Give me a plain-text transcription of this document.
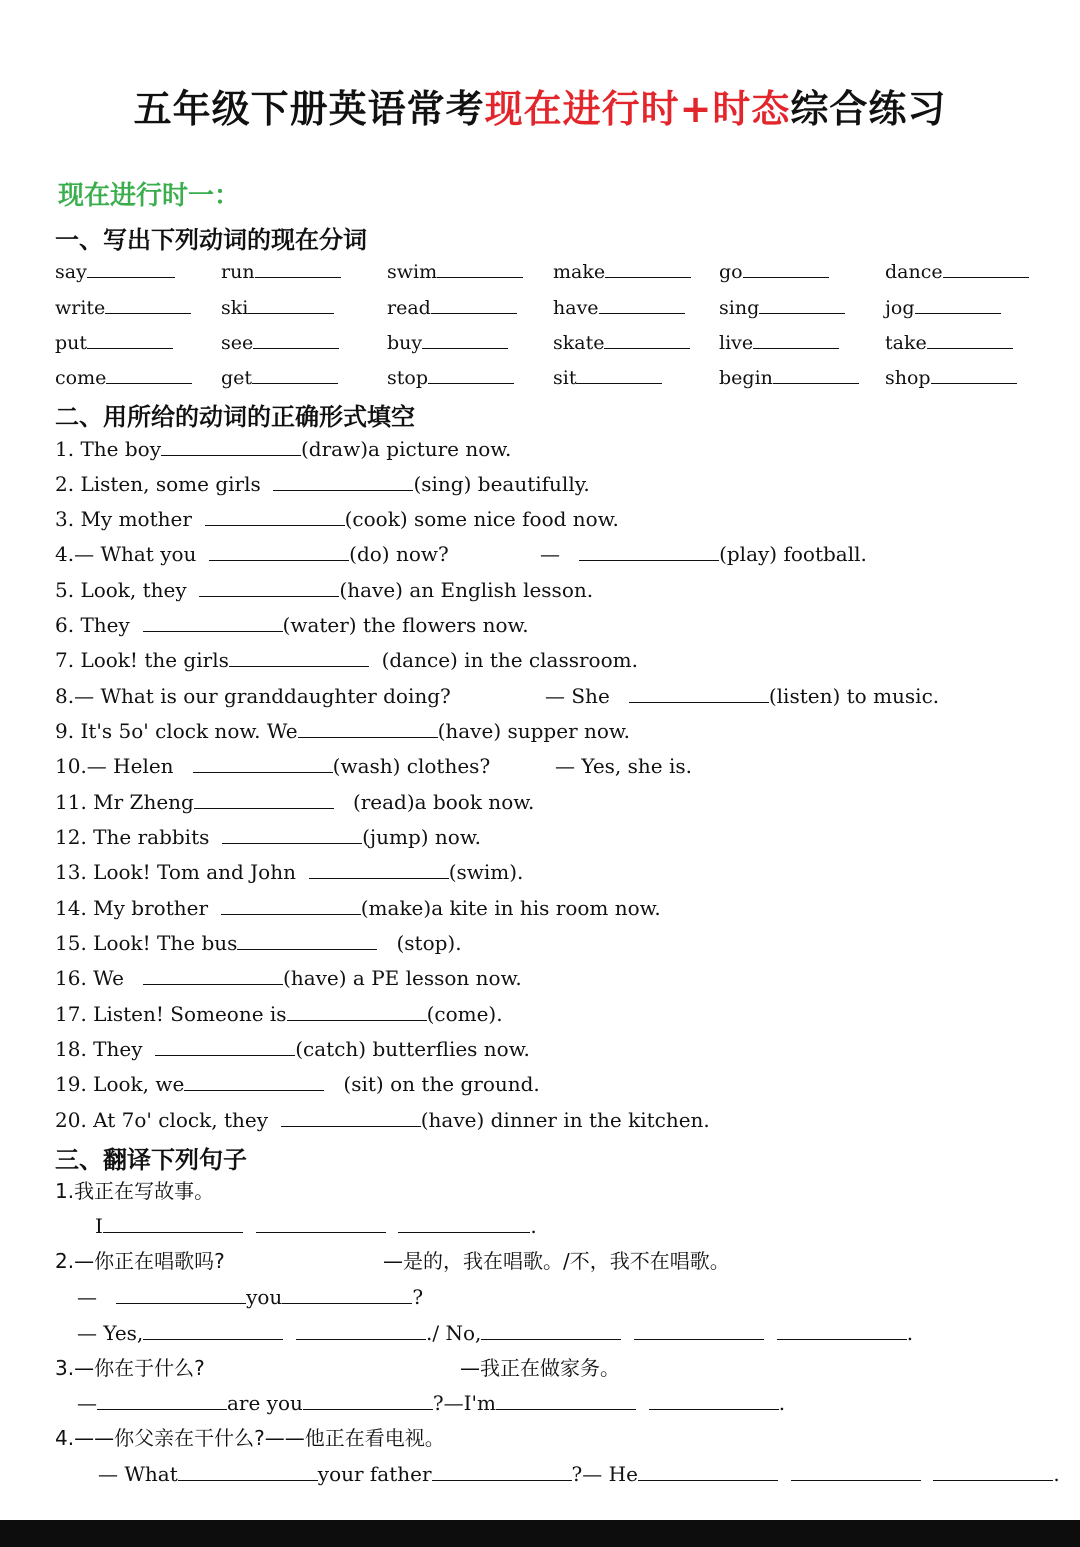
五年级下册英语常考现在进行时+时态综合练习
现在进行时一：
一、写出下列动词的现在分词
say	run	swim	make	go	dance
write	ski	read	have	sing	jog
put	see	buy	skate	live	take
come	get	stop	sit	begin	shop
二、用所给的动词的正确形式填空
1. The boy	(draw)a picture now.
2. Listen, some girls	(sing) beautifully.
3. My mother	(cook) some nice food now.
4.— What you	(do) now?	—	(play) football.
5. Look, they	(have) an English lesson.
6. They	(water) the flowers now.
7. Look! the girls	(dance) in the classroom.
8.— What is our granddaughter doing?	— She	(listen) to music.
9. It's 5o' clock now. We	(have) supper now.
10.— Helen	(wash) clothes?	— Yes, she is.
11. Mr Zheng	(read)a book now.
12. The rabbits	(jump) now.
13. Look! Tom and John	(swim).
14. My brother	(make)a kite in his room now.
15. Look! The bus	(stop).
16. We	(have) a PE lesson now.
17. Listen! Someone is	(come).
18. They	(catch) butterflies now.
19. Look, we	(sit) on the ground.
20. At 7o' clock, they	(have) dinner in the kitchen.
三、翻译下列句子
1.我正在写故事。
I	.
2.—你正在唱歌吗?	—是的，我在唱歌。/不，我不在唱歌。
—	you	?
— Yes,	./ No,	.
3.—你在于什么?	—我正在做家务。
—	are you	?—I'm	.
4.——你父亲在干什么?——他正在看电视。
— What	your father	?— He	.
